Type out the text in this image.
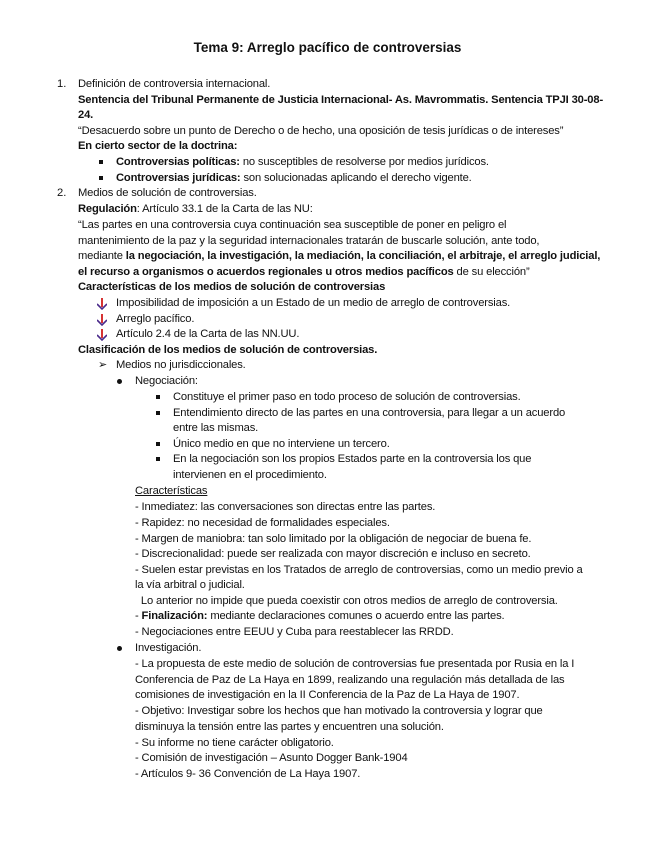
Tema 9: Arreglo pacífico de controversias
1. Definición de controversia internacional.
Sentencia del Tribunal Permanente de Justicia Internacional- As. Mavrommatis. Sentencia TPJI 30-08-
24.
“Desacuerdo sobre un punto de Derecho o de hecho, una oposición de tesis jurídicas o de intereses”
En cierto sector de la doctrina:
Controversias políticas: no susceptibles de resolverse por medios jurídicos.
Controversias jurídicas: son solucionadas aplicando el derecho vigente.
2. Medios de solución de controversias.
Regulación: Artículo 33.1 de la Carta de las NU:
“Las partes en una controversia cuya continuación sea susceptible de poner en peligro el
mantenimiento de la paz y la seguridad internacionales tratarán de buscarle solución, ante todo,
mediante la negociación, la investigación, la mediación, la conciliación, el arbitraje, el arreglo judicial,
el recurso a organismos o acuerdos regionales u otros medios pacíficos de su elección”
Características de los medios de solución de controversias
Imposibilidad de imposición a un Estado de un medio de arreglo de controversias.
Arreglo pacífico.
Artículo 2.4 de la Carta de las NN.UU.
Clasificación de los medios de solución de controversias.
➢ Medios no jurisdiccionales.
Negociación:
Constituye el primer paso en todo proceso de solución de controversias.
Entendimiento directo de las partes en una controversia, para llegar a un acuerdo
entre las mismas.
Único medio en que no interviene un tercero.
En la negociación son los propios Estados parte en la controversia los que
intervienen en el procedimiento.
Características
- Inmediatez: las conversaciones son directas entre las partes.
- Rapidez: no necesidad de formalidades especiales.
- Margen de maniobra: tan solo limitado por la obligación de negociar de buena fe.
- Discrecionalidad: puede ser realizada con mayor discreción e incluso en secreto.
- Suelen estar previstas en los Tratados de arreglo de controversias, como un medio previo a
la vía arbitral o judicial.
Lo anterior no impide que pueda coexistir con otros medios de arreglo de controversia.
- Finalización: mediante declaraciones comunes o acuerdo entre las partes.
- Negociaciones entre EEUU y Cuba para reestablecer las RRDD.
Investigación.
- La propuesta de este medio de solución de controversias fue presentada por Rusia en la I
Conferencia de Paz de La Haya en 1899, realizando una regulación más detallada de las
comisiones de investigación en la II Conferencia de la Paz de La Haya de 1907.
- Objetivo: Investigar sobre los hechos que han motivado la controversia y lograr que
disminuya la tensión entre las partes y encuentren una solución.
- Su informe no tiene carácter obligatorio.
- Comisión de investigación – Asunto Dogger Bank-1904
- Artículos 9- 36 Convención de La Haya 1907.
